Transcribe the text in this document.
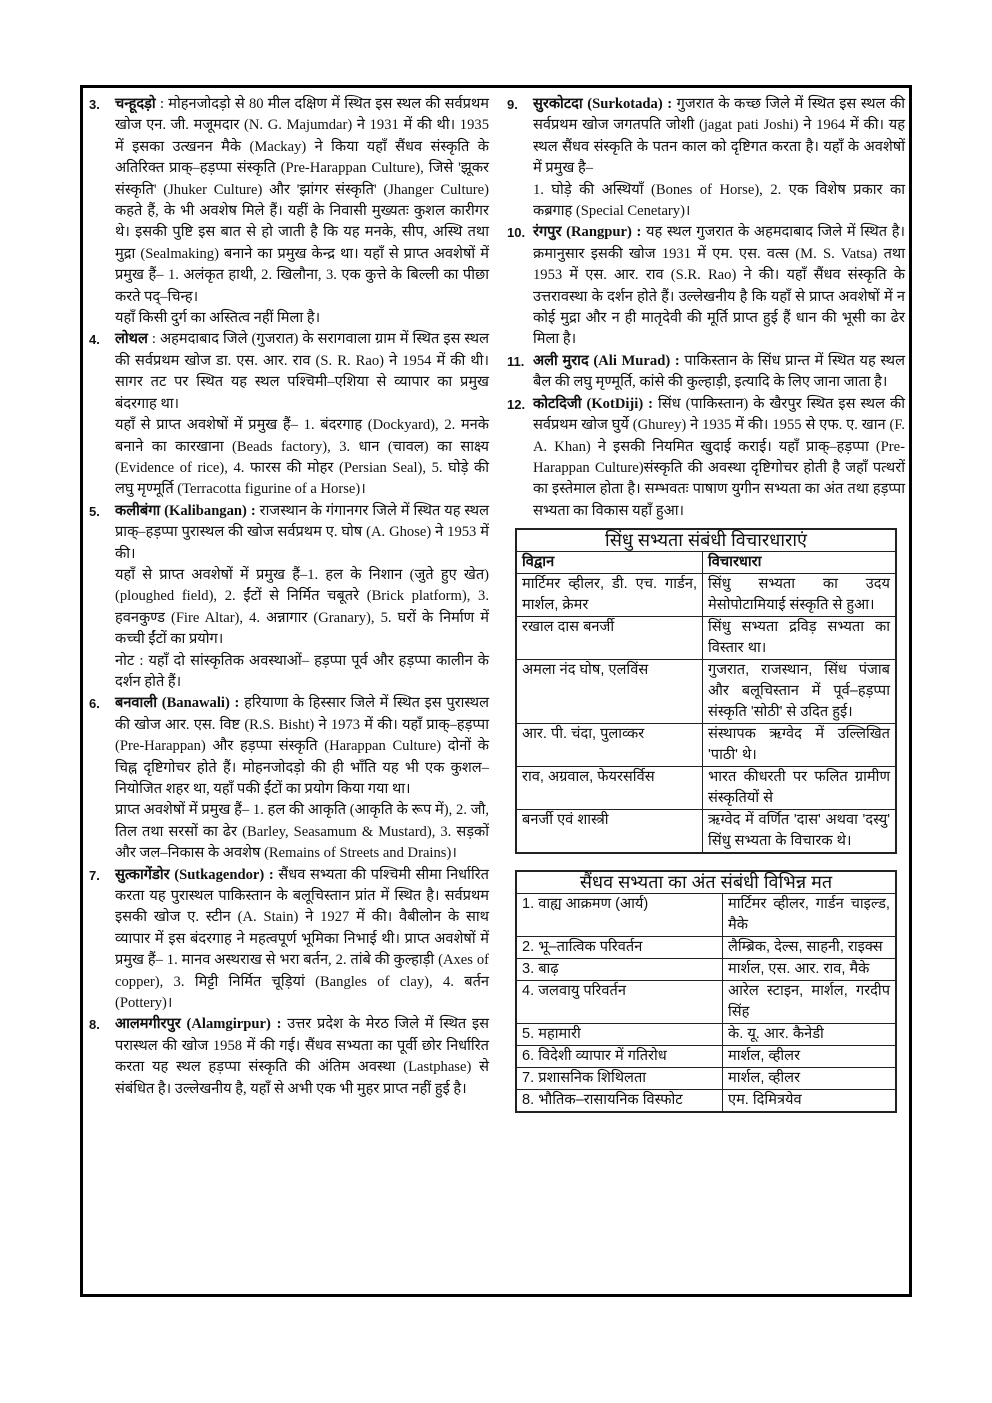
3. चन्हूदड़ो : मोहनजोदड़ो से 80 मील दक्षिण में स्थित इस स्थल की सर्वप्रथम खोज एन. जी. मजूमदार (N. G. Majumdar) ने 1931 में की थी। 1935 में इसका उत्खनन मैके (Mackay) ने किया यहाँ सैंधव संस्कृति के अतिरिक्त प्राक्–हड़प्पा संस्कृति (Pre-Harappan Culture), जिसे 'झूकर संस्कृति' (Jhuker Culture) और 'झांगर संस्कृति' (Jhanger Culture) कहते हैं, के भी अवशेष मिले हैं। यहीं के निवासी मुख्यतः कुशल कारीगर थे। इसकी पुष्टि इस बात से हो जाती है कि यह मनके, सीप, अस्थि तथा मुद्रा (Sealmaking) बनाने का प्रमुख केन्द्र था। यहाँ से प्राप्त अवशेषों में प्रमुख हैं– 1. अलंकृत हाथी, 2. खिलौना, 3. एक कुत्ते के बिल्ली का पीछा करते पद्–चिन्ह।

यहाँ किसी दुर्ग का अस्तित्व नहीं मिला है।

4. लोथल : अहमदाबाद जिले (गुजरात) के सरागवाला ग्राम में स्थित इस स्थल की सर्वप्रथम खोज डा. एस. आर. राव (S. R. Rao) ने 1954 में की थी। सागर तट पर स्थित यह स्थल पश्चिमी–एशिया से व्यापार का प्रमुख बंदरगाह था।

यहाँ से प्राप्त अवशेषों में प्रमुख हैं– 1. बंदरगाह (Dockyard), 2. मनके बनाने का कारखाना (Beads factory), 3. धान (चावल) का साक्ष्य (Evidence of rice), 4. फारस की मोहर (Persian Seal), 5. घोड़े की लघु मृण्मूर्ति (Terracotta figurine of a Horse)।

5. कलीबंगा (Kalibangan) : राजस्थान के गंगानगर जिले में स्थित यह स्थल प्राक्–हड़प्पा पुरास्थल की खोज सर्वप्रथम ए. घोष (A. Ghose) ने 1953 में की।

यहाँ से प्राप्त अवशेषों में प्रमुख हैं–1. हल के निशान (जुते हुए खेत) (ploughed field), 2. ईंटों से निर्मित चबूतरे (Brick platform), 3. हवनकुण्ड (Fire Altar), 4. अन्नागार (Granary), 5. घरों के निर्माण में कच्ची ईंटों का प्रयोग।

नोट : यहाँ दो सांस्कृतिक अवस्थाओं– हड़प्पा पूर्व और हड़प्पा कालीन के दर्शन होते हैं।

6. बनवाली (Banawali) : हरियाणा के हिस्सार जिले में स्थित इस पुरास्थल की खोज आर. एस. विष्ट (R.S. Bisht) ने 1973 में की। यहाँ प्राक्–हड़प्पा (Pre-Harappan) और हड़प्पा संस्कृति (Harappan Culture) दोनों के चिह्न दृष्टिगोचर होते हैं। मोहनजोदड़ो की ही भाँति यह भी एक कुशल–नियोजित शहर था, यहाँ पकी ईंटों का प्रयोग किया गया था।

प्राप्त अवशेषों में प्रमुख हैं– 1. हल की आकृति (आकृति के रूप में), 2. जौ, तिल तथा सरसों का ढेर (Barley, Seasamum & Mustard), 3. सड़कों और जल–निकास के अवशेष (Remains of Streets and Drains)।

7. सुत्कागेंडोर (Sutkagendor) : सैंधव सभ्यता की पश्चिमी सीमा निर्धारित करता यह पुरास्थल पाकिस्तान के बलूचिस्तान प्रांत में स्थित है। सर्वप्रथम इसकी खोज ए. स्टीन (A. Stain) ने 1927 में की। वैबीलोन के साथ व्यापार में इस बंदरगाह ने महत्वपूर्ण भूमिका निभाई थी। प्राप्त अवशेषों में प्रमुख हैं– 1. मानव अस्थराख से भरा बर्तन, 2. तांबे की कुल्हाड़ी (Axes of copper), 3. मिट्टी निर्मित चूड़ियां (Bangles of clay), 4. बर्तन (Pottery)।

8. आलमगीरपुर (Alamgirpur) : उत्तर प्रदेश के मेरठ जिले में स्थित इस परास्थल की खोज 1958 में की गई। सैंधव सभ्यता का पूर्वी छोर निर्धारित करता यह स्थल हड़प्पा संस्कृति की अंतिम अवस्था (Lastphase) से संबंधित है। उल्लेखनीय है, यहाँ से अभी एक भी मुहर प्राप्त नहीं हुई है।

9. सुरकोटदा (Surkotada) : गुजरात के कच्छ जिले में स्थित इस स्थल की सर्वप्रथम खोज जगतपति जोशी (jagat pati Joshi) ने 1964 में की। यह स्थल सैंधव संस्कृति के पतन काल को दृष्टिगत करता है। यहाँ के अवशेषों में प्रमुख है–

1. घोड़े की अस्थियाँ (Bones of Horse), 2. एक विशेष प्रकार का कब्रगाह (Special Cenetary)।

10. रंगपुर (Rangpur) : यह स्थल गुजरात के अहमदाबाद जिले में स्थित है। क्रमानुसार इसकी खोज 1931 में एम. एस. वत्स (M. S. Vatsa) तथा 1953 में एस. आर. राव (S.R. Rao) ने की। यहाँ सैंधव संस्कृति के उत्तरावस्था के दर्शन होते हैं। उल्लेखनीय है कि यहाँ से प्राप्त अवशेषों में न कोई मुद्रा और न ही मातृदेवी की मूर्ति प्राप्त हुई हैं धान की भूसी का ढेर मिला है।

11. अली मुराद (Ali Murad) : पाकिस्तान के सिंध प्रान्त में स्थित यह स्थल बैल की लघु मृण्मूर्ति, कांसे की कुल्हाड़ी, इत्यादि के लिए जाना जाता है।

12. कोटदिजी (KotDiji) : सिंध (पाकिस्तान) के खैरपुर स्थित इस स्थल की सर्वप्रथम खोज घुर्ये (Ghurey) ने 1935 में की। 1955 से एफ. ए. खान (F. A. Khan) ने इसकी नियमित खुदाई कराई। यहाँ प्राक्–हड़प्पा (Pre-Harappan Culture)संस्कृति की अवस्था दृष्टिगोचर होती है जहाँ पत्थरों का इस्तेमाल होता है। सम्भवतः पाषाण युगीन सभ्यता का अंत तथा हड़प्पा सभ्यता का विकास यहाँ हुआ।

सिंधु सभ्यता संबंधी विचारधाराएं	
विद्वान	विचारधारा
मार्टिमर व्हीलर, डी. एच. गार्डन, मार्शल, क्रेमर	सिंधु सभ्यता का उदय मेसोपोटामियाई संस्कृति से हुआ।
रखाल दास बनर्जी	सिंधु सभ्यता द्रविड़ सभ्यता का विस्तार था।
अमला नंद घोष, एलविंस	गुजरात, राजस्थान, सिंध पंजाब और बलूचिस्तान में पूर्व–हड़प्पा संस्कृति 'सोठी' से उदित हुई।
आर. पी. चंदा, पुलाव्कर	संस्थापक ऋग्वेद में उल्लिखित 'पाठी' थे।
राव, अग्रवाल, फेयरसर्विस	भारत कीधरती पर फलित ग्रामीण संस्कृतियों से
बनर्जी एवं शास्त्री	ऋग्वेद में वर्णित 'दास' अथवा 'दस्यु' सिंधु सभ्यता के विचारक थे।
सैंधव सभ्यता का अंत संबंधी विभिन्न मत	
1. वाह्य आक्रमण (आर्य)	मार्टिमर व्हीलर, गार्डन चाइल्ड, मैके
2. भू–तात्विक परिवर्तन	लैम्ब्रिक, देल्स, साहनी, राइक्स
3. बाढ़	मार्शल, एस. आर. राव, मैके
4. जलवायु परिवर्तन	आरेल स्टाइन, मार्शल, गरदीप सिंह
5. महामारी	के. यू. आर. कैनेडी
6. विदेशी व्यापार में गतिरोध	मार्शल, व्हीलर
7. प्रशासनिक शिथिलता	मार्शल, व्हीलर
8. भौतिक–रासायनिक विस्फोट	एम. दिमित्रयेव
